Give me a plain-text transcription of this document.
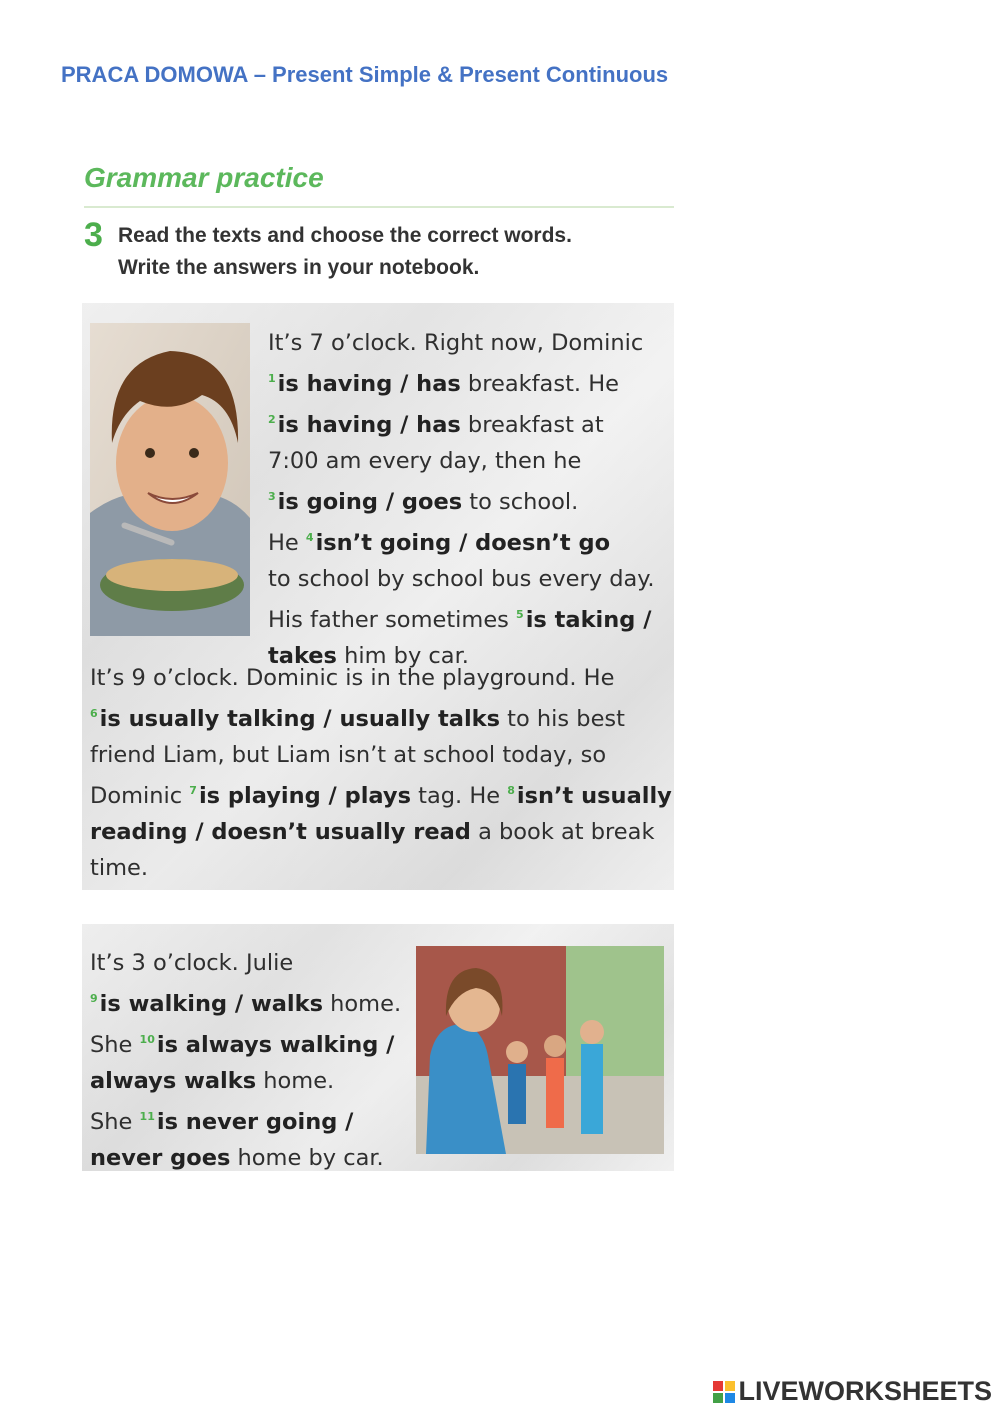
PRACA DOMOWA – Present Simple & Present Continuous
Grammar practice
3 Read the texts and choose the correct words.
Write the answers in your notebook.
It’s 7 o’clock. Right now, Dominic
$^1$is having / has breakfast. He
$^2$is having / has breakfast at
7:00 am every day, then he
$^3$is going / goes to school.
He $^4$isn’t going / doesn’t go
to school by school bus every day.
His father sometimes $^5$is taking /
takes him by car.
It’s 9 o’clock. Dominic is in the playground. He
$^6$is usually talking / usually talks to his best
friend Liam, but Liam isn’t at school today, so
Dominic $^7$is playing / plays tag. He $^8$isn’t usually
reading / doesn’t usually read a book at break
time.
It’s 3 o’clock. Julie
$^9$is walking / walks home.
She $^{10}$is always walking /
always walks home.
She $^{11}$is never going /
never goes home by car.
LIVEWORKSHEETS
